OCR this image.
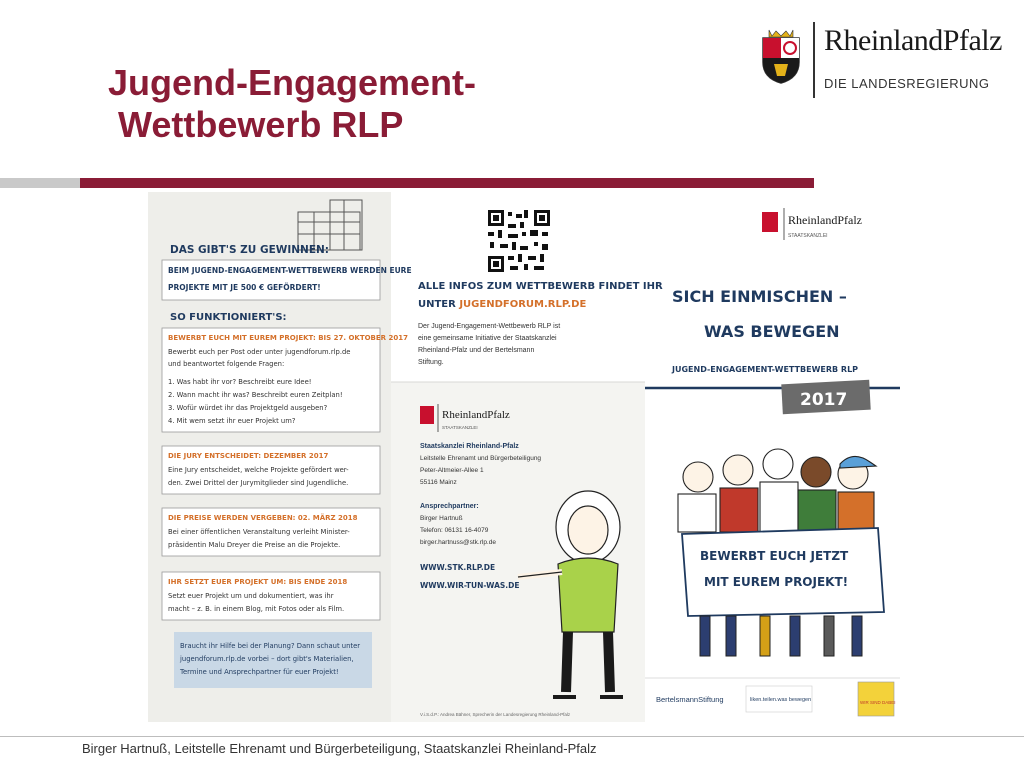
Jugend-Engagement-
Wettbewerb RLP
RheinlandPfalz
DIE LANDESREGIERUNG
DAS GIBT'S ZU GEWINNEN:
BEIM JUGEND-ENGAGEMENT-WETTBEWERB WERDEN EURE
PROJEKTE MIT JE 500 € GEFÖRDERT!
SO FUNKTIONIERT'S:
BEWERBT EUCH MIT EUREM PROJEKT: BIS 27. OKTOBER 2017
Bewerbt euch per Post oder unter jugendforum.rlp.de
und beantwortet folgende Fragen:
1. Was habt ihr vor? Beschreibt eure Idee!
2. Wann macht ihr was? Beschreibt euren Zeitplan!
3. Wofür würdet ihr das Projektgeld ausgeben?
4. Mit wem setzt ihr euer Projekt um?
DIE JURY ENTSCHEIDET: DEZEMBER 2017
Eine Jury entscheidet, welche Projekte gefördert wer-
den. Zwei Drittel der Jurymitglieder sind Jugendliche.
DIE PREISE WERDEN VERGEBEN: 02. MÄRZ 2018
Bei einer öffentlichen Veranstaltung verleiht Minister-
präsidentin Malu Dreyer die Preise an die Projekte.
IHR SETZT EUER PROJEKT UM: BIS ENDE 2018
Setzt euer Projekt um und dokumentiert, was ihr
macht – z. B. in einem Blog, mit Fotos oder als Film.
Braucht ihr Hilfe bei der Planung? Dann schaut unter
jugendforum.rlp.de vorbei – dort gibt's Materialien,
Termine und Ansprechpartner für euer Projekt!
ALLE INFOS ZUM WETTBEWERB FINDET IHR
UNTER JUGENDFORUM.RLP.DE
Der Jugend-Engagement-Wettbewerb RLP ist
eine gemeinsame Initiative der Staatskanzlei
Rheinland-Pfalz und der Bertelsmann
Stiftung.
RheinlandPfalz
STAATSKANZLEI
Staatskanzlei Rheinland-Pfalz
Leitstelle Ehrenamt und Bürgerbeteiligung
Peter-Altmeier-Allee 1
55116 Mainz
Ansprechpartner:
Birger Hartnuß
Telefon: 06131 16-4079
birger.hartnuss@stk.rlp.de
WWW.STK.RLP.DE
WWW.WIR-TUN-WAS.DE
V.i.S.d.P.: Andrea Bähner, Sprecherin der Landesregierung Rheinland-Pfalz
RheinlandPfalz
STAATSKANZLEI
SICH EINMISCHEN –
WAS BEWEGEN
JUGEND-ENGAGEMENT-WETTBEWERB RLP
2017
BEWERBT EUCH JETZT
MIT EUREM PROJEKT!
BertelsmannStiftung	liken.teilen.was bewegen	WIR SIND DABEI
Birger Hartnuß, Leitstelle Ehrenamt und Bürgerbeteiligung, Staatskanzlei Rheinland-Pfalz
